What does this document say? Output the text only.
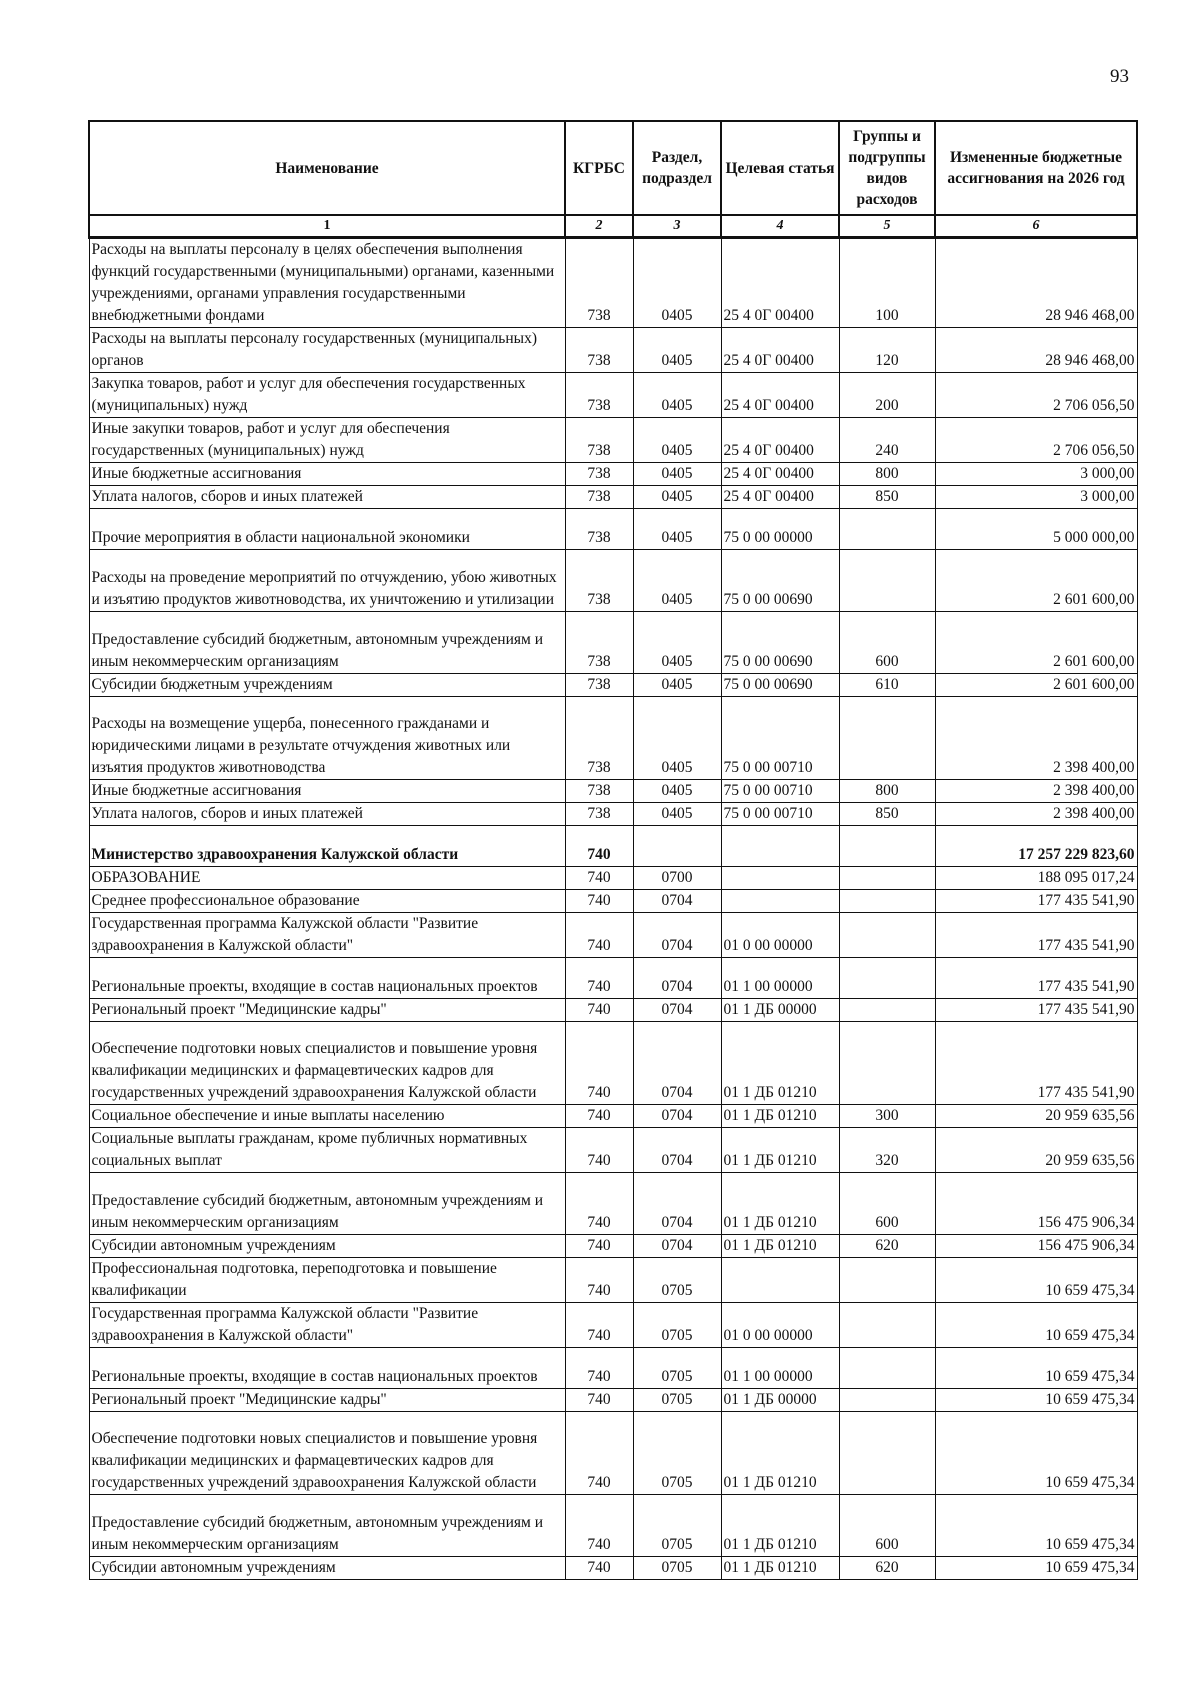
93
Наименование	КГРБС	Раздел, подраздел	Целевая статья	Группы и подгруппы видов расходов	Измененные бюджетные ассигнования на 2026 год
1	2	3	4	5	6
Расходы на выплаты персоналу в целях обеспечения выполнения функций государственными (муниципальными) органами, казенными учреждениями, органами управления государственными внебюджетными фондами	738	0405	25 4 0Г 00400	100	28 946 468,00
Расходы на выплаты персоналу государственных (муниципальных) органов	738	0405	25 4 0Г 00400	120	28 946 468,00
Закупка товаров, работ и услуг для обеспечения государственных (муниципальных) нужд	738	0405	25 4 0Г 00400	200	2 706 056,50
Иные закупки товаров, работ и услуг для обеспечения государственных (муниципальных) нужд	738	0405	25 4 0Г 00400	240	2 706 056,50
Иные бюджетные ассигнования	738	0405	25 4 0Г 00400	800	3 000,00
Уплата налогов, сборов и иных платежей	738	0405	25 4 0Г 00400	850	3 000,00
Прочие мероприятия в области национальной экономики	738	0405	75 0 00 00000		5 000 000,00
Расходы на проведение мероприятий по отчуждению, убою животных и изъятию продуктов животноводства, их уничтожению и утилизации	738	0405	75 0 00 00690		2 601 600,00
Предоставление субсидий бюджетным, автономным учреждениям и иным некоммерческим организациям	738	0405	75 0 00 00690	600	2 601 600,00
Субсидии бюджетным учреждениям	738	0405	75 0 00 00690	610	2 601 600,00
Расходы на возмещение ущерба, понесенного гражданами и юридическими лицами в результате отчуждения животных или изъятия продуктов животноводства	738	0405	75 0 00 00710		2 398 400,00
Иные бюджетные ассигнования	738	0405	75 0 00 00710	800	2 398 400,00
Уплата налогов, сборов и иных платежей	738	0405	75 0 00 00710	850	2 398 400,00
Министерство здравоохранения Калужской области	740				17 257 229 823,60
ОБРАЗОВАНИЕ	740	0700			188 095 017,24
Среднее профессиональное образование	740	0704			177 435 541,90
Государственная программа Калужской области "Развитие здравоохранения в Калужской области"	740	0704	01 0 00 00000		177 435 541,90
Региональные проекты, входящие в состав национальных проектов	740	0704	01 1 00 00000		177 435 541,90
Региональный проект "Медицинские кадры"	740	0704	01 1 ДБ 00000		177 435 541,90
Обеспечение подготовки новых специалистов и повышение уровня квалификации медицинских и фармацевтических кадров для государственных учреждений здравоохранения Калужской области	740	0704	01 1 ДБ 01210		177 435 541,90
Социальное обеспечение и иные выплаты населению	740	0704	01 1 ДБ 01210	300	20 959 635,56
Социальные выплаты гражданам, кроме публичных нормативных социальных выплат	740	0704	01 1 ДБ 01210	320	20 959 635,56
Предоставление субсидий бюджетным, автономным учреждениям и иным некоммерческим организациям	740	0704	01 1 ДБ 01210	600	156 475 906,34
Субсидии автономным учреждениям	740	0704	01 1 ДБ 01210	620	156 475 906,34
Профессиональная подготовка, переподготовка и повышение квалификации	740	0705			10 659 475,34
Государственная программа Калужской области "Развитие здравоохранения в Калужской области"	740	0705	01 0 00 00000		10 659 475,34
Региональные проекты, входящие в состав национальных проектов	740	0705	01 1 00 00000		10 659 475,34
Региональный проект "Медицинские кадры"	740	0705	01 1 ДБ 00000		10 659 475,34
Обеспечение подготовки новых специалистов и повышение уровня квалификации медицинских и фармацевтических кадров для государственных учреждений здравоохранения Калужской области	740	0705	01 1 ДБ 01210		10 659 475,34
Предоставление субсидий бюджетным, автономным учреждениям и иным некоммерческим организациям	740	0705	01 1 ДБ 01210	600	10 659 475,34
Субсидии автономным учреждениям	740	0705	01 1 ДБ 01210	620	10 659 475,34
